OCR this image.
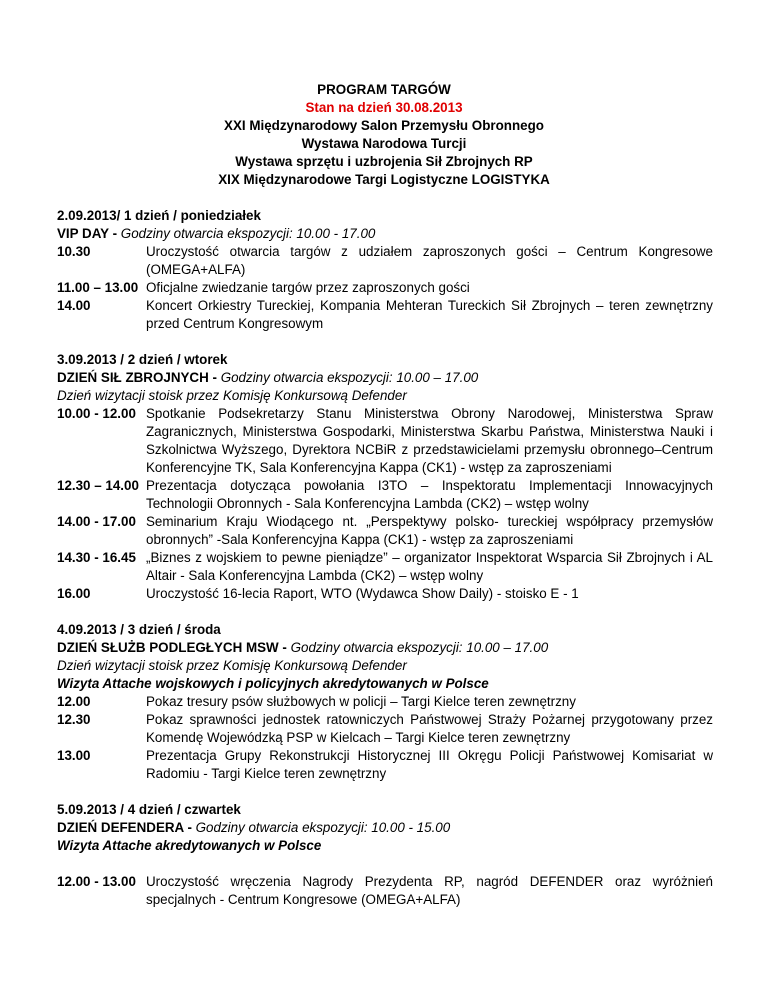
PROGRAM TARGÓW
Stan na dzień 30.08.2013
XXI Międzynarodowy Salon Przemysłu Obronnego
Wystawa Narodowa Turcji
Wystawa sprzętu i uzbrojenia Sił Zbrojnych RP
XIX Międzynarodowe Targi Logistyczne LOGISTYKA
2.09.2013/ 1 dzień / poniedziałek
VIP DAY - Godziny otwarcia ekspozycji: 10.00 - 17.00
10.30	Uroczystość otwarcia targów z udziałem zaproszonych gości – Centrum Kongresowe (OMEGA+ALFA)
11.00 – 13.00 Oficjalne zwiedzanie targów przez zaproszonych gości
14.00	Koncert Orkiestry Tureckiej, Kompania Mehteran Tureckich Sił Zbrojnych – teren zewnętrzny przed Centrum Kongresowym
3.09.2013 / 2 dzień / wtorek
DZIEŃ SIŁ ZBROJNYCH - Godziny otwarcia ekspozycji: 10.00 – 17.00
Dzień wizytacji stoisk przez Komisję Konkursową Defender
10.00 - 12.00 Spotkanie Podsekretarzy Stanu Ministerstwa Obrony Narodowej, Ministerstwa Spraw Zagranicznych, Ministerstwa Gospodarki, Ministerstwa Skarbu Państwa, Ministerstwa Nauki i Szkolnictwa Wyższego, Dyrektora NCBiR z przedstawicielami przemysłu obronnego–Centrum Konferencyjne TK, Sala Konferencyjna Kappa (CK1) - wstęp za zaproszeniami
12.30 – 14.00 Prezentacja dotycząca powołania I3TO – Inspektoratu Implementacji Innowacyjnych Technologii Obronnych - Sala Konferencyjna Lambda (CK2) – wstęp wolny
14.00 - 17.00 Seminarium Kraju Wiodącego nt. „Perspektywy polsko- tureckiej współpracy przemysłów obronnych” -Sala Konferencyjna Kappa (CK1) - wstęp za zaproszeniami
14.30 - 16.45 „Biznes z wojskiem to pewne pieniądze” – organizator Inspektorat Wsparcia Sił Zbrojnych i AL Altair - Sala Konferencyjna Lambda (CK2) – wstęp wolny
16.00	Uroczystość 16-lecia Raport, WTO (Wydawca Show Daily) - stoisko E - 1
4.09.2013 / 3 dzień / środa
DZIEŃ SŁUŻB PODLEGŁYCH MSW - Godziny otwarcia ekspozycji: 10.00 – 17.00
Dzień wizytacji stoisk przez Komisję Konkursową Defender
Wizyta Attache wojskowych i policyjnych akredytowanych w Polsce
12.00	Pokaz tresury psów służbowych w policji – Targi Kielce teren zewnętrzny
12.30	Pokaz sprawności jednostek ratowniczych Państwowej Straży Pożarnej przygotowany przez Komendę Wojewódzką PSP w Kielcach – Targi Kielce teren zewnętrzny
13.00	Prezentacja Grupy Rekonstrukcji Historycznej III Okręgu Policji Państwowej Komisariat w Radomiu - Targi Kielce teren zewnętrzny
5.09.2013 / 4 dzień / czwartek
DZIEŃ DEFENDERA - Godziny otwarcia ekspozycji: 10.00 - 15.00
Wizyta Attache akredytowanych w Polsce
12.00 - 13.00 Uroczystość wręczenia Nagrody Prezydenta RP, nagród DEFENDER oraz wyróżnień specjalnych - Centrum Kongresowe (OMEGA+ALFA)
